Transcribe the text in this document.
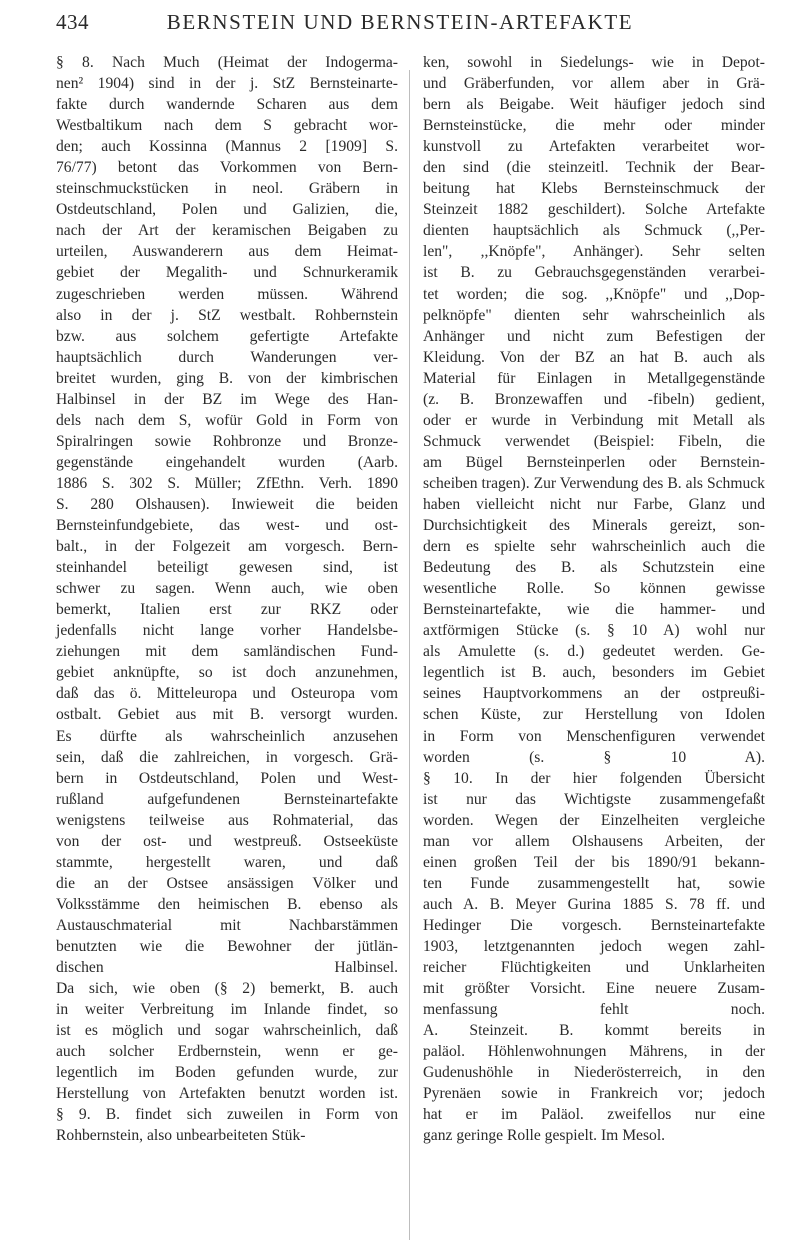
434	BERNSTEIN UND BERNSTEIN-ARTEFAKTE
§ 8. Nach Much (Heimat der Indogerma- nen² 1904) sind in der j. StZ Bernsteinarte- fakte durch wandernde Scharen aus dem Westbaltikum nach dem S gebracht wor- den; auch Kossinna (Mannus 2 [1909] S. 76/77) betont das Vorkommen von Bern- steinschmuckstücken in neol. Gräbern in Ostdeutschland, Polen und Galizien, die, nach der Art der keramischen Beigaben zu urteilen, Auswanderern aus dem Heimat- gebiet der Megalith- und Schnurkeramik zugeschrieben werden müssen. Während also in der j. StZ westbalt. Rohbernstein bzw. aus solchem gefertigte Artefakte hauptsächlich durch Wanderungen ver- breitet wurden, ging B. von der kimbrischen Halbinsel in der BZ im Wege des Han- dels nach dem S, wofür Gold in Form von Spiralringen sowie Rohbronze und Bronze- gegenstände eingehandelt wurden (Aarb. 1886 S. 302 S. Müller; ZfEthn. Verh. 1890 S. 280 Olshausen). Inwieweit die beiden Bernsteinfundgebiete, das west- und ost- balt., in der Folgezeit am vorgesch. Bern- steinhandel beteiligt gewesen sind, ist schwer zu sagen. Wenn auch, wie oben bemerkt, Italien erst zur RKZ oder jedenfalls nicht lange vorher Handelsbe- ziehungen mit dem samländischen Fund- gebiet anknüpfte, so ist doch anzunehmen, daß das ö. Mitteleuropa und Osteuropa vom ostbalt. Gebiet aus mit B. versorgt wurden. Es dürfte als wahrscheinlich anzusehen sein, daß die zahlreichen, in vorgesch. Grä- bern in Ostdeutschland, Polen und West- rußland aufgefundenen Bernsteinartefakte wenigstens teilweise aus Rohmaterial, das von der ost- und westpreuß. Ostseeküste stammte, hergestellt waren, und daß die an der Ostsee ansässigen Völker und Volksstämme den heimischen B. ebenso als Austauschmaterial mit Nachbarstämmen benutzten wie die Bewohner der jütlän- dischen Halbinsel. Da sich, wie oben (§ 2) bemerkt, B. auch in weiter Verbreitung im Inlande findet, so ist es möglich und sogar wahrscheinlich, daß auch solcher Erdbernstein, wenn er ge- legentlich im Boden gefunden wurde, zur Herstellung von Artefakten benutzt worden ist. § 9. B. findet sich zuweilen in Form von Rohbernstein, also unbearbeiteten Stük-
ken, sowohl in Siedelungs- wie in Depot- und Gräberfunden, vor allem aber in Grä- bern als Beigabe. Weit häufiger jedoch sind Bernsteinstücke, die mehr oder minder kunstvoll zu Artefakten verarbeitet wor- den sind (die steinzeitl. Technik der Bear- beitung hat Klebs Bernsteinschmuck der Steinzeit 1882 geschildert). Solche Artefakte dienten hauptsächlich als Schmuck (,,Per- len", ,,Knöpfe", Anhänger). Sehr selten ist B. zu Gebrauchsgegenständen verarbei- tet worden; die sog. ,,Knöpfe" und ,,Dop- pelknöpfe" dienten sehr wahrscheinlich als Anhänger und nicht zum Befestigen der Kleidung. Von der BZ an hat B. auch als Material für Einlagen in Metallgegenstände (z. B. Bronzewaffen und -fibeln) gedient, oder er wurde in Verbindung mit Metall als Schmuck verwendet (Beispiel: Fibeln, die am Bügel Bernsteinperlen oder Bernstein- scheiben tragen). Zur Verwendung des B. als Schmuck haben vielleicht nicht nur Farbe, Glanz und Durchsichtigkeit des Minerals gereizt, son- dern es spielte sehr wahrscheinlich auch die Bedeutung des B. als Schutzstein eine wesentliche Rolle. So können gewisse Bernsteinartefakte, wie die hammer- und axtförmigen Stücke (s. § 10 A) wohl nur als Amulette (s. d.) gedeutet werden. Ge- legentlich ist B. auch, besonders im Gebiet seines Hauptvorkommens an der ostpreußi- schen Küste, zur Herstellung von Idolen in Form von Menschenfiguren verwendet worden (s. § 10 A). § 10. In der hier folgenden Übersicht ist nur das Wichtigste zusammengefaßt worden. Wegen der Einzelheiten vergleiche man vor allem Olshausens Arbeiten, der einen großen Teil der bis 1890/91 bekann- ten Funde zusammengestellt hat, sowie auch A. B. Meyer Gurina 1885 S. 78 ff. und Hedinger Die vorgesch. Bernsteinartefakte 1903, letztgenannten jedoch wegen zahl- reicher Flüchtigkeiten und Unklarheiten mit größter Vorsicht. Eine neuere Zusam- menfassung fehlt noch. A. Steinzeit. B. kommt bereits in paläol. Höhlenwohnungen Mährens, in der Gudenushöhle in Niederösterreich, in den Pyrenäen sowie in Frankreich vor; jedoch hat er im Paläol. zweifellos nur eine ganz geringe Rolle gespielt. Im Mesol.
